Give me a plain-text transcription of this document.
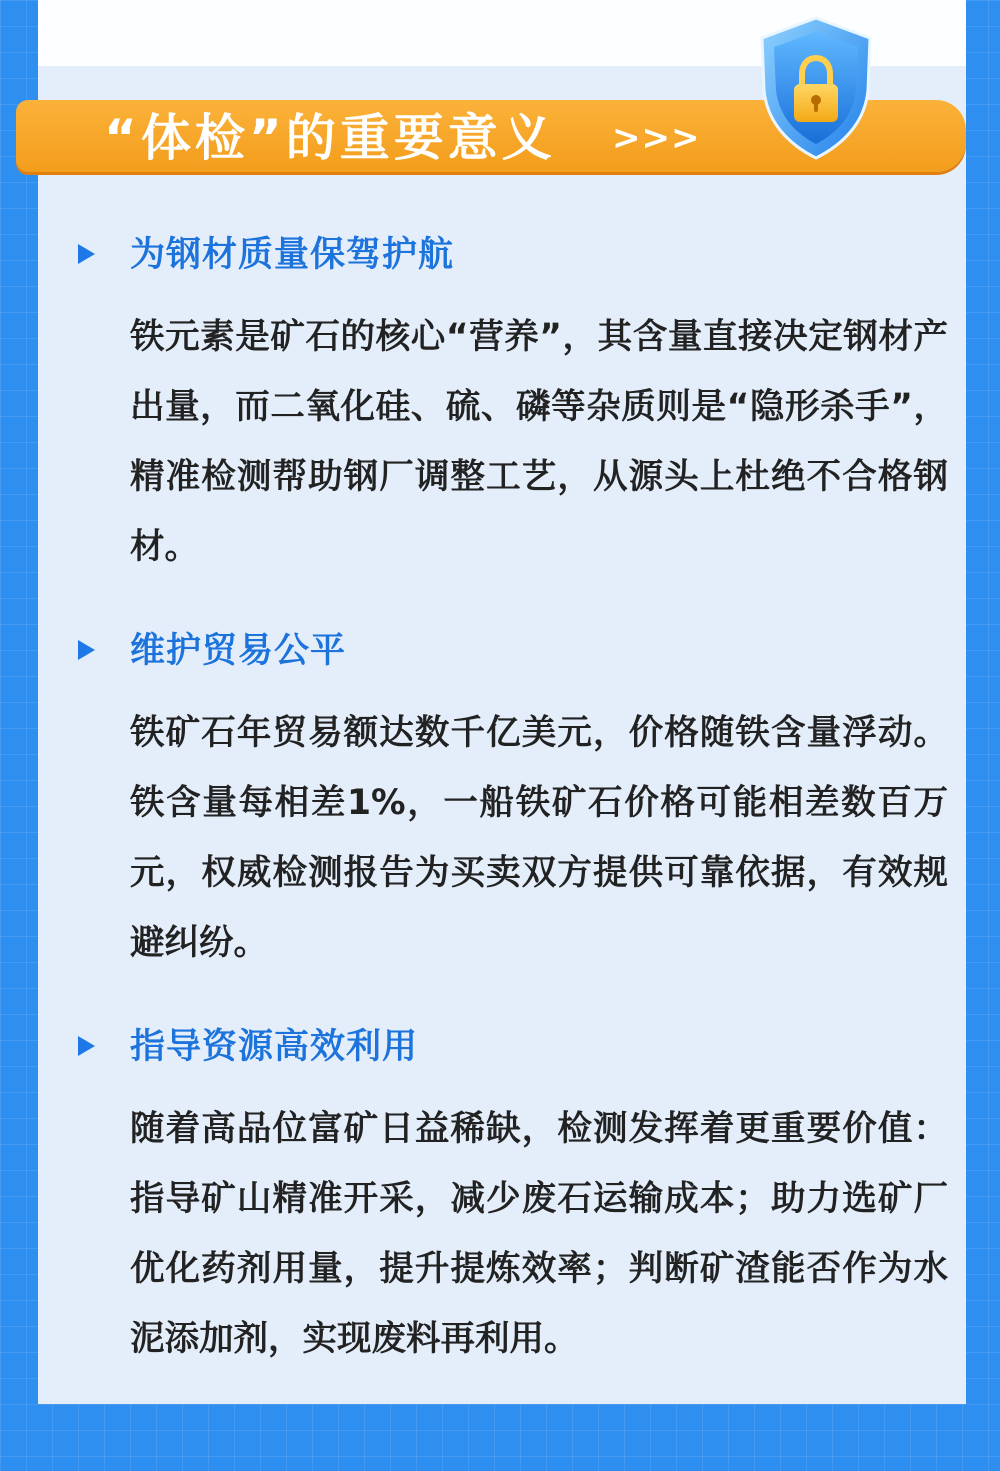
“体检”的重要意义 >>>
为钢材质量保驾护航
铁元素是矿石的核心“营养”，其含量直接决定钢材产出量，而二氧化硅、硫、磷等杂质则是“隐形杀手”，精准检测帮助钢厂调整工艺，从源头上杜绝不合格钢材。
维护贸易公平
铁矿石年贸易额达数千亿美元，价格随铁含量浮动。铁含量每相差1%，一船铁矿石价格可能相差数百万元，权威检测报告为买卖双方提供可靠依据，有效规避纠纷。
指导资源高效利用
随着高品位富矿日益稀缺，检测发挥着更重要价值：指导矿山精准开采，减少废石运输成本；助力选矿厂优化药剂用量，提升提炼效率；判断矿渣能否作为水泥添加剂，实现废料再利用。
